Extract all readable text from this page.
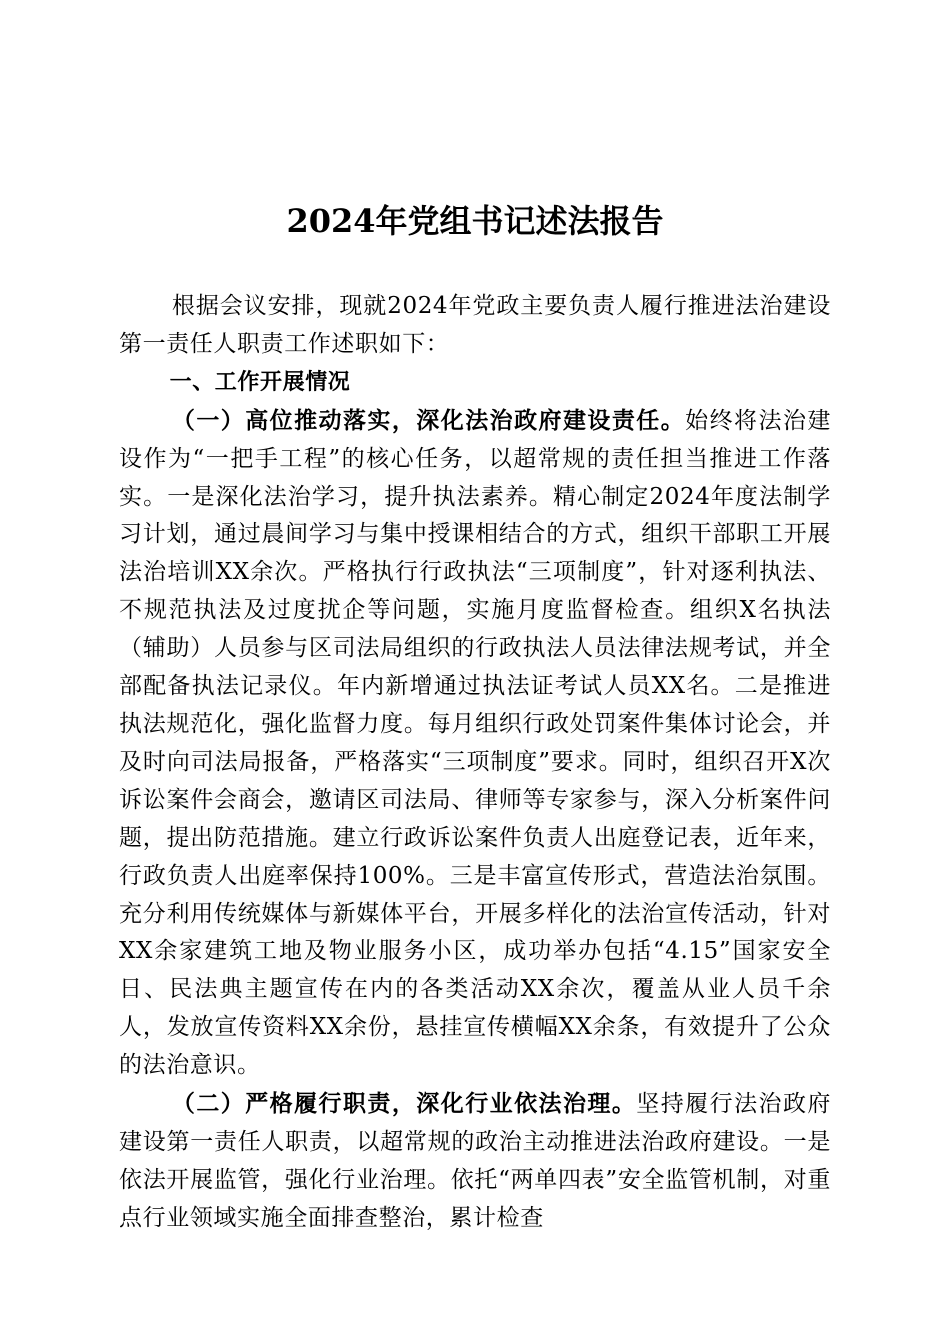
2024年党组书记述法报告

根据会议安排，现就2024年党政主要负责人履行推进法治建设第一责任人职责工作述职如下：

一、工作开展情况

（一）高位推动落实，深化法治政府建设责任。始终将法治建设作为“一把手工程”的核心任务，以超常规的责任担当推进工作落实。一是深化法治学习，提升执法素养。精心制定2024年度法制学习计划，通过晨间学习与集中授课相结合的方式，组织干部职工开展法治培训XX余次。严格执行行政执法“三项制度”，针对逐利执法、不规范执法及过度扰企等问题，实施月度监督检查。组织X名执法（辅助）人员参与区司法局组织的行政执法人员法律法规考试，并全部配备执法记录仪。年内新增通过执法证考试人员XX名。二是推进执法规范化，强化监督力度。每月组织行政处罚案件集体讨论会，并及时向司法局报备，严格落实“三项制度”要求。同时，组织召开X次诉讼案件会商会，邀请区司法局、律师等专家参与，深入分析案件问题，提出防范措施。建立行政诉讼案件负责人出庭登记表，近年来，行政负责人出庭率保持100%。三是丰富宣传形式，营造法治氛围。充分利用传统媒体与新媒体平台，开展多样化的法治宣传活动，针对XX余家建筑工地及物业服务小区，成功举办包括“4.15”国家安全日、民法典主题宣传在内的各类活动XX余次，覆盖从业人员千余人，发放宣传资料XX余份，悬挂宣传横幅XX余条，有效提升了公众的法治意识。

（二）严格履行职责，深化行业依法治理。坚持履行法治政府建设第一责任人职责，以超常规的政治主动推进法治政府建设。一是依法开展监管，强化行业治理。依托“两单四表”安全监管机制，对重点行业领域实施全面排查整治，累计检查
